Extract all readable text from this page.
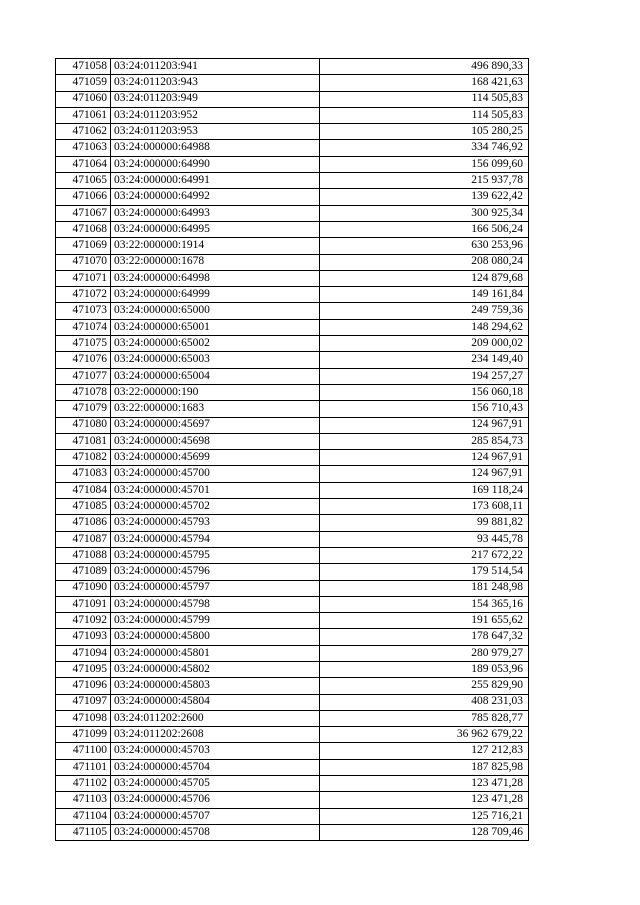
471058	03:24:011203:941	496 890,33
471059	03:24:011203:943	168 421,63
471060	03:24:011203:949	114 505,83
471061	03:24:011203:952	114 505,83
471062	03:24:011203:953	105 280,25
471063	03:24:000000:64988	334 746,92
471064	03:24:000000:64990	156 099,60
471065	03:24:000000:64991	215 937,78
471066	03:24:000000:64992	139 622,42
471067	03:24:000000:64993	300 925,34
471068	03:24:000000:64995	166 506,24
471069	03:22:000000:1914	630 253,96
471070	03:22:000000:1678	208 080,24
471071	03:24:000000:64998	124 879,68
471072	03:24:000000:64999	149 161,84
471073	03:24:000000:65000	249 759,36
471074	03:24:000000:65001	148 294,62
471075	03:24:000000:65002	209 000,02
471076	03:24:000000:65003	234 149,40
471077	03:24:000000:65004	194 257,27
471078	03:22:000000:190	156 060,18
471079	03:22:000000:1683	156 710,43
471080	03:24:000000:45697	124 967,91
471081	03:24:000000:45698	285 854,73
471082	03:24:000000:45699	124 967,91
471083	03:24:000000:45700	124 967,91
471084	03:24:000000:45701	169 118,24
471085	03:24:000000:45702	173 608,11
471086	03:24:000000:45793	99 881,82
471087	03:24:000000:45794	93 445,78
471088	03:24:000000:45795	217 672,22
471089	03:24:000000:45796	179 514,54
471090	03:24:000000:45797	181 248,98
471091	03:24:000000:45798	154 365,16
471092	03:24:000000:45799	191 655,62
471093	03:24:000000:45800	178 647,32
471094	03:24:000000:45801	280 979,27
471095	03:24:000000:45802	189 053,96
471096	03:24:000000:45803	255 829,90
471097	03:24:000000:45804	408 231,03
471098	03:24:011202:2600	785 828,77
471099	03:24:011202:2608	36 962 679,22
471100	03:24:000000:45703	127 212,83
471101	03:24:000000:45704	187 825,98
471102	03:24:000000:45705	123 471,28
471103	03:24:000000:45706	123 471,28
471104	03:24:000000:45707	125 716,21
471105	03:24:000000:45708	128 709,46
